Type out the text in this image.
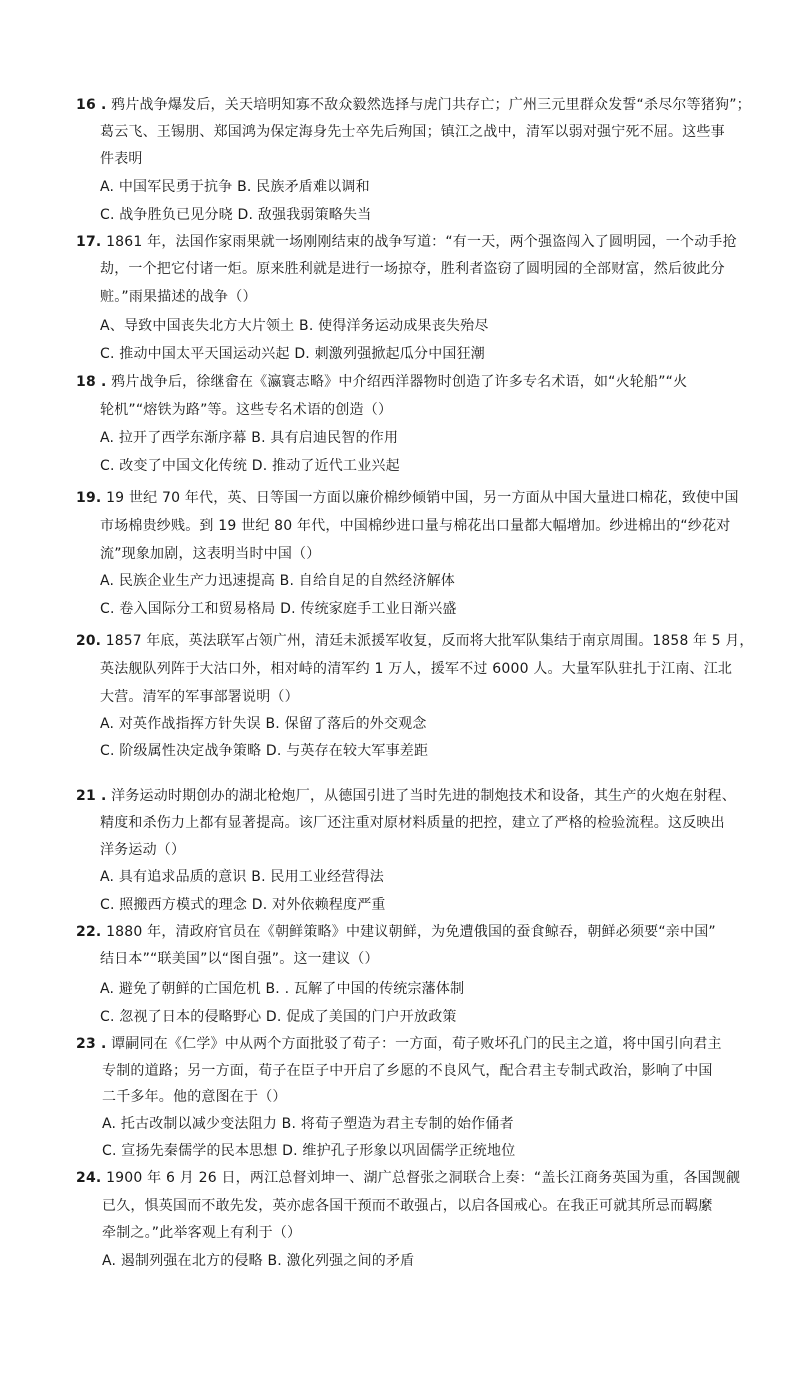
16 . 鸦片战争爆发后，关天培明知寡不敌众毅然选择与虎门共存亡；广州三元里群众发誓“杀尽尔等猪狗”；
葛云飞、王锡朋、郑国鸿为保定海身先士卒先后殉国；镇江之战中，清军以弱对强宁死不屈。这些事
件表明
A. 中国军民勇于抗争 B. 民族矛盾难以调和
C. 战争胜负已见分晓 D. 敌强我弱策略失当
17. 1861 年，法国作家雨果就一场刚刚结束的战争写道：“有一天，两个强盗闯入了圆明园，一个动手抢
劫，一个把它付诸一炬。原来胜利就是进行一场掠夺，胜利者盗窃了圆明园的全部财富，然后彼此分
赃。”雨果描述的战争（）
A、导致中国丧失北方大片领土 B. 使得洋务运动成果丧失殆尽
C. 推动中国太平天国运动兴起 D. 刺激列强掀起瓜分中国狂潮
18 . 鸦片战争后，徐继畲在《瀛寰志略》中介绍西洋器物时创造了许多专名术语，如“火轮船”“火
轮机”“熔铁为路”等。这些专名术语的创造（）
A. 拉开了西学东渐序幕 B. 具有启迪民智的作用
C. 改变了中国文化传统 D. 推动了近代工业兴起
19. 19 世纪 70 年代，英、日等国一方面以廉价棉纱倾销中国，另一方面从中国大量进口棉花，致使中国
市场棉贵纱贱。到 19 世纪 80 年代，中国棉纱进口量与棉花出口量都大幅增加。纱进棉出的“纱花对
流”现象加剧，这表明当时中国（）
A. 民族企业生产力迅速提高 B. 自给自足的自然经济解体
C. 卷入国际分工和贸易格局 D. 传统家庭手工业日渐兴盛
20. 1857 年底，英法联军占领广州，清廷未派援军收复，反而将大批军队集结于南京周围。1858 年 5 月，
英法舰队列阵于大沽口外，相对峙的清军约 1 万人，援军不过 6000 人。大量军队驻扎于江南、江北
大营。清军的军事部署说明（）
A. 对英作战指挥方针失误 B. 保留了落后的外交观念
C. 阶级属性决定战争策略 D. 与英存在较大军事差距
21 . 洋务运动时期创办的湖北枪炮厂，从德国引进了当时先进的制炮技术和设备，其生产的火炮在射程、
精度和杀伤力上都有显著提高。该厂还注重对原材料质量的把控，建立了严格的检验流程。这反映出
洋务运动（）
A. 具有追求品质的意识 B. 民用工业经营得法
C. 照搬西方模式的理念 D. 对外依赖程度严重
22. 1880 年，清政府官员在《朝鲜策略》中建议朝鲜，为免遭俄国的蚕食鲸吞，朝鲜必须要“亲中国”
结日本”“联美国”以“图自强”。这一建议（）
A. 避免了朝鲜的亡国危机 B. . 瓦解了中国的传统宗藩体制
C. 忽视了日本的侵略野心 D. 促成了美国的门户开放政策
23 . 谭嗣同在《仁学》中从两个方面批驳了荀子：一方面，荀子败坏孔门的民主之道，将中国引向君主
专制的道路；另一方面，荀子在臣子中开启了乡愿的不良风气，配合君主专制式政治，影响了中国
二千多年。他的意图在于（）
A. 托古改制以减少变法阻力 B. 将荀子塑造为君主专制的始作俑者
C. 宣扬先秦儒学的民本思想 D. 维护孔子形象以巩固儒学正统地位
24. 1900 年 6 月 26 日，两江总督刘坤一、湖广总督张之洞联合上奏：“盖长江商务英国为重，各国觊觎
已久，惧英国而不敢先发，英亦虑各国干预而不敢强占，以启各国戒心。在我正可就其所忌而羁縻
牵制之。”此举客观上有利于（）
A. 遏制列强在北方的侵略 B. 激化列强之间的矛盾
